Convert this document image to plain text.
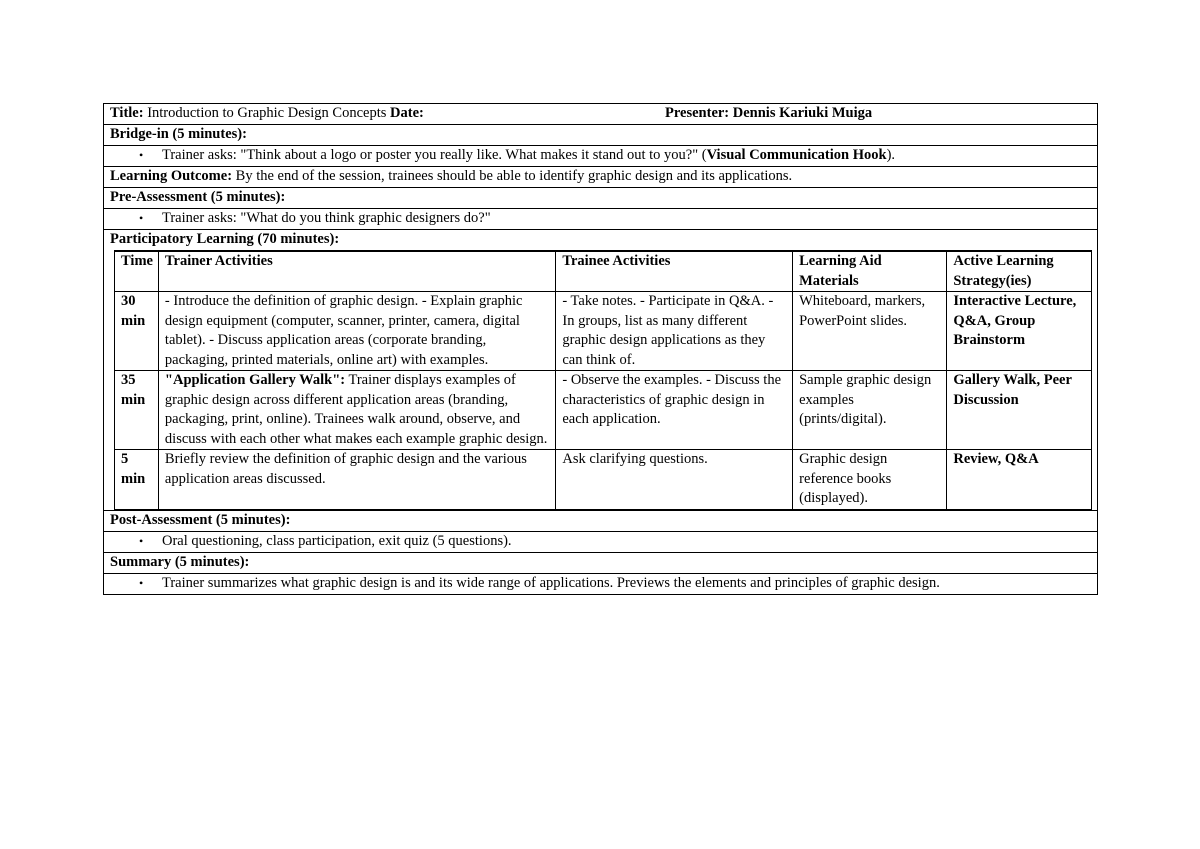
Title: Introduction to Graphic Design Concepts Date:	Presenter: Dennis Kariuki Muiga
Bridge-in (5 minutes):
• Trainer asks: "Think about a logo or poster you really like. What makes it stand out to you?" (Visual Communication Hook).
Learning Outcome: By the end of the session, trainees should be able to identify graphic design and its applications.
Pre-Assessment (5 minutes):
• Trainer asks: "What do you think graphic designers do?"
Participatory Learning (70 minutes):
Time	Trainer Activities	Trainee Activities	Learning Aid Materials	Active Learning Strategy(ies)
30 min	- Introduce the definition of graphic design. - Explain graphic design equipment (computer, scanner, printer, camera, digital tablet). - Discuss application areas (corporate branding, packaging, printed materials, online art) with examples.	- Take notes. - Participate in Q&A. - In groups, list as many different graphic design applications as they can think of.	Whiteboard, markers, PowerPoint slides.	Interactive Lecture, Q&A, Group Brainstorm
35 min	"Application Gallery Walk": Trainer displays examples of graphic design across different application areas (branding, packaging, print, online). Trainees walk around, observe, and discuss with each other what makes each example graphic design.	- Observe the examples. - Discuss the characteristics of graphic design in each application.	Sample graphic design examples (prints/digital).	Gallery Walk, Peer Discussion
5 min	Briefly review the definition of graphic design and the various application areas discussed.	Ask clarifying questions.	Graphic design reference books (displayed).	Review, Q&A
Post-Assessment (5 minutes):
• Oral questioning, class participation, exit quiz (5 questions).
Summary (5 minutes):
• Trainer summarizes what graphic design is and its wide range of applications. Previews the elements and principles of graphic design.
